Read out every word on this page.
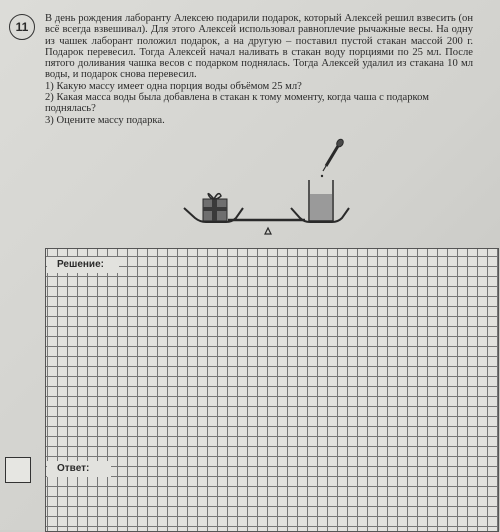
11

В день рождения лаборанту Алексею подарили подарок, который Алексей решил взвесить (он всё всегда взвешивал). Для этого Алексей использовал равноплечие рычажные весы. На одну из чашек лаборант положил подарок, а на другую – поставил пустой стакан массой 200 г. Подарок перевесил. Тогда Алексей начал наливать в стакан воду порциями по 25 мл. После пятого доливания чашка весов с подарком поднялась. Тогда Алексей удалил из стакана 10 мл воды, и подарок снова перевесил.

1) Какую массу имеет одна порция воды объёмом 25 мл?

2) Какая масса воды была добавлена в стакан к тому моменту, когда чаша с подарком поднялась?

3) Оцените массу подарка.

Решение:
Ответ:
